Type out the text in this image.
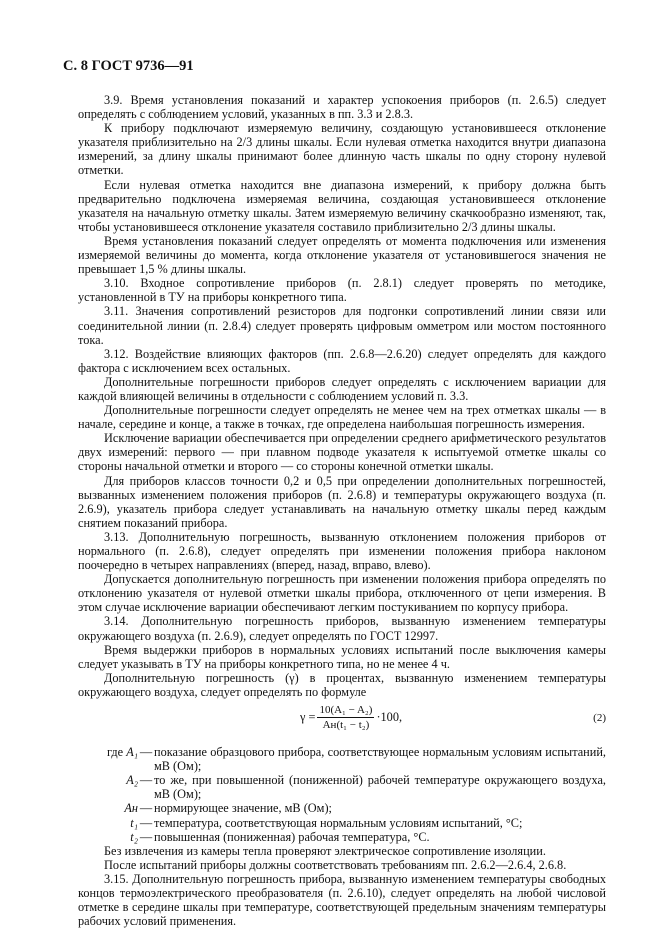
С. 8 ГОСТ 9736—91

3.9. Время установления показаний и характер успокоения приборов (п. 2.6.5) следует определять с соблюдением условий, указанных в пп. 3.3 и 2.8.3.

К прибору подключают измеряемую величину, создающую установившееся отклонение указателя приблизительно на 2/3 длины шкалы. Если нулевая отметка находится внутри диапазона измерений, за длину шкалы принимают более длинную часть шкалы по одну сторону нулевой отметки.

Если нулевая отметка находится вне диапазона измерений, к прибору должна быть предварительно подключена измеряемая величина, создающая установившееся отклонение указателя на начальную отметку шкалы. Затем измеряемую величину скачкообразно изменяют, так, чтобы установившееся отклонение указателя составило приблизительно 2/3 длины шкалы.

Время установления показаний следует определять от момента подключения или изменения измеряемой величины до момента, когда отклонение указателя от установившегося значения не превышает 1,5 % длины шкалы.

3.10. Входное сопротивление приборов (п. 2.8.1) следует проверять по методике, установленной в ТУ на приборы конкретного типа.

3.11. Значения сопротивлений резисторов для подгонки сопротивлений линии связи или соединительной линии (п. 2.8.4) следует проверять цифровым омметром или мостом постоянного тока.

3.12. Воздействие влияющих факторов (пп. 2.6.8—2.6.20) следует определять для каждого фактора с исключением всех остальных.

Дополнительные погрешности приборов следует определять с исключением вариации для каждой влияющей величины в отдельности с соблюдением условий п. 3.3.

Дополнительные погрешности следует определять не менее чем на трех отметках шкалы — в начале, середине и конце, а также в точках, где определена наибольшая погрешность измерения.

Исключение вариации обеспечивается при определении среднего арифметического результатов двух измерений: первого — при плавном подводе указателя к испытуемой отметке шкалы со стороны начальной отметки и второго — со стороны конечной отметки шкалы.

Для приборов классов точности 0,2 и 0,5 при определении дополнительных погрешностей, вызванных изменением положения приборов (п. 2.6.8) и температуры окружающего воздуха (п. 2.6.9), указатель прибора следует устанавливать на начальную отметку шкалы перед каждым снятием показаний прибора.

3.13. Дополнительную погрешность, вызванную отклонением положения приборов от нормального (п. 2.6.8), следует определять при изменении положения прибора наклоном поочередно в четырех направлениях (вперед, назад, вправо, влево).

Допускается дополнительную погрешность при изменении положения прибора определять по отклонению указателя от нулевой отметки шкалы прибора, отключенного от цепи измерения. В этом случае исключение вариации обеспечивают легким постукиванием по корпусу прибора.

3.14. Дополнительную погрешность приборов, вызванную изменением температуры окружающего воздуха (п. 2.6.9), следует определять по ГОСТ 12997.

Время выдержки приборов в нормальных условиях испытаний после выключения камеры следует указывать в ТУ на приборы конкретного типа, но не менее 4 ч.

Дополнительную погрешность (γ) в процентах, вызванную изменением температуры окружающего воздуха, следует определять по формуле

$\gamma = \frac{\text{10(A₁ − A₂)}}{\text{Aн(t₁ − t₂)}} \cdot 100$,	(2)
где A₁ — показание образцового прибора, соответствующее нормальным условиям испытаний, мВ (Ом);
A₂ — то же, при повышенной (пониженной) рабочей температуре окружающего воздуха, мВ (Ом);
Aн — нормирующее значение, мВ (Ом);
t₁ — температура, соответствующая нормальным условиям испытаний, °С;
t₂ — повышенная (пониженная) рабочая температура, °С.

Без извлечения из камеры тепла проверяют электрическое сопротивление изоляции.

После испытаний приборы должны соответствовать требованиям пп. 2.6.2—2.6.4, 2.6.8.

3.15. Дополнительную погрешность прибора, вызванную изменением температуры свободных концов термоэлектрического преобразователя (п. 2.6.10), следует определять на любой числовой отметке в середине шкалы при температуре, соответствующей предельным значениям температуры рабочих условий применения.
